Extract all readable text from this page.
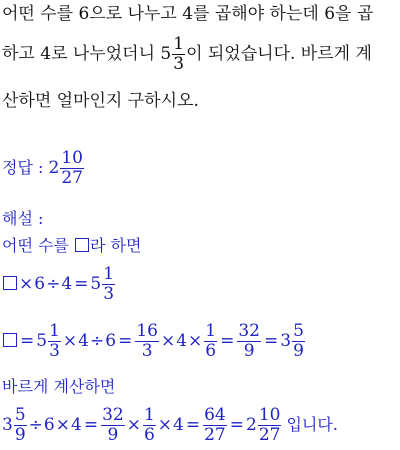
어떤 수를 6으로 나누고 4를 곱해야 하는데 6을 곱
하고 4로 나누었더니 $5 \frac{1}{3}$ 이 되었습니다. 바르게 계
산하면 얼마인지 구하시오.
정답 : $2 \frac{10}{27}$
해설 :
어떤 수를 라 하면
$\times 6\div 4 = 5 \frac{1}{3}$
= $5 \frac{1}{3} \times 4\div 6 = \frac{16}{3} \times 4\times \frac{1}{6} = \frac{32}{9} = 3 \frac{5}{9}$
바르게 계산하면
$3 \frac{5}{9} \div 6\times 4 = \frac{32}{9} \times \frac{1}{6} \times 4 = \frac{64}{27} = 2 \frac{10}{27}$ 입니다.
